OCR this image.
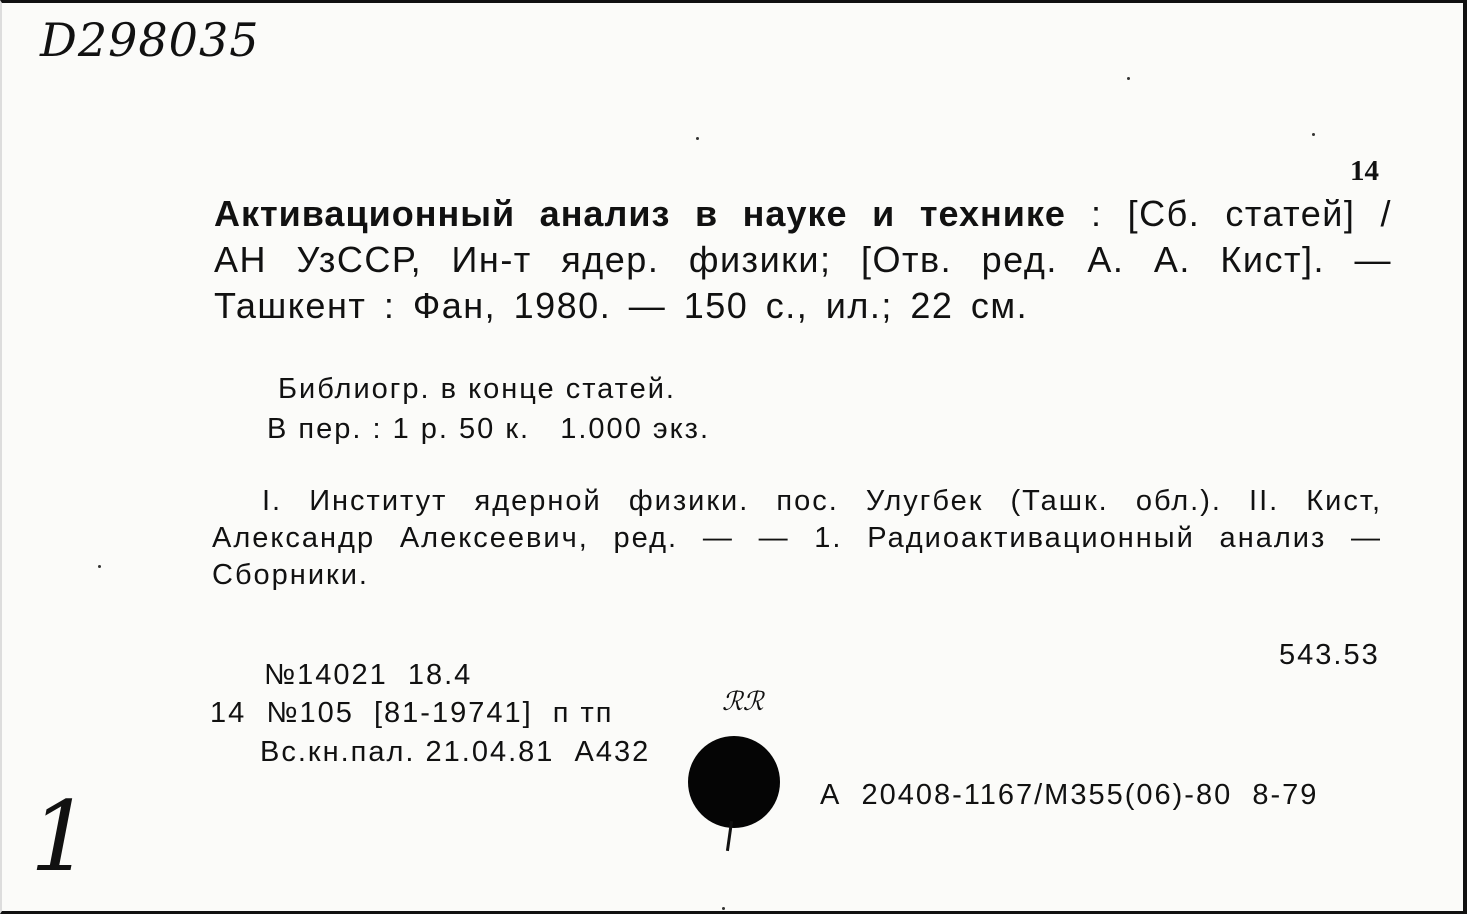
D298035
14
Активационный анализ в науке и технике : [Сб. статей] / АН УзССР, Ин-т ядер. физики; [Отв. ред. А. А. Кист]. — Ташкент : Фан, 1980. — 150 с., ил.; 22 см.
Библиогр. в конце статей.
В пер. : 1 р. 50 к.   1.000 экз.
I. Институт ядерной физики. пос. Улугбек (Ташк. обл.). II. Кист, Александр Алексеевич, ред. — — 1. Радиоактивационный анализ — Сборники.
543.53
№14021  18.4
14  №105  [81-19741]  п тп
Вс.кн.пал. 21.04.81  А432
ℛℛ
А  20408-1167/М355(06)-80  8-79
1
